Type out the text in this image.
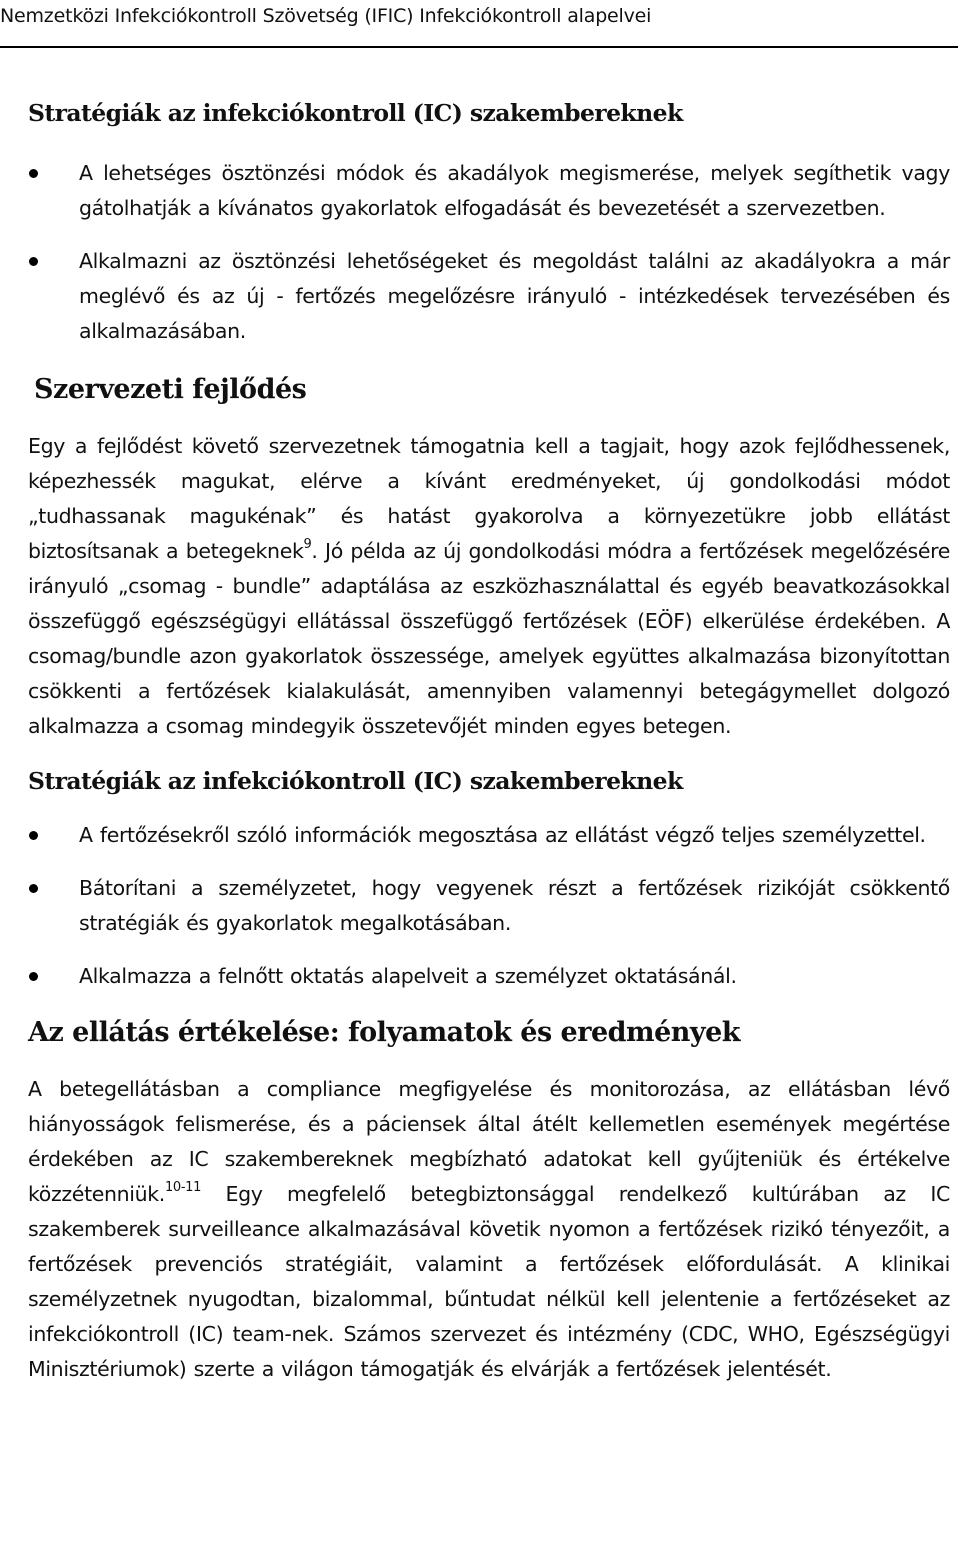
Nemzetközi Infekciókontroll Szövetség (IFIC) Infekciókontroll alapelvei
Stratégiák az infekciókontroll (IC) szakembereknek

A lehetséges ösztönzési módok és akadályok megismerése, melyek segíthetik vagy gátolhatják a kívánatos gyakorlatok elfogadását és bevezetését a szervezetben.

Alkalmazni az ösztönzési lehetőségeket és megoldást találni az akadályokra a már meglévő és az új - fertőzés megelőzésre irányuló - intézkedések tervezésében és alkalmazásában.

Szervezeti fejlődés

Egy a fejlődést követő szervezetnek támogatnia kell a tagjait, hogy azok fejlődhessenek, képezhessék magukat, elérve a kívánt eredményeket, új gondolkodási módot „tudhassanak magukénak” és hatást gyakorolva a környezetükre jobb ellátást biztosítsanak a betegeknek$^9$. Jó példa az új gondolkodási módra a fertőzések megelőzésére irányuló „csomag - bundle” adaptálása az eszközhasználattal és egyéb beavatkozásokkal összefüggő egészségügyi ellátással összefüggő fertőzések (EÖF) elkerülése érdekében. A csomag/bundle azon gyakorlatok összessége, amelyek együttes alkalmazása bizonyítottan csökkenti a fertőzések kialakulását, amennyiben valamennyi betegágymellet dolgozó alkalmazza a csomag mindegyik összetevőjét minden egyes betegen.

Stratégiák az infekciókontroll (IC) szakembereknek

A fertőzésekről szóló információk megosztása az ellátást végző teljes személyzettel.

Bátorítani a személyzetet, hogy vegyenek részt a fertőzések rizikóját csökkentő stratégiák és gyakorlatok megalkotásában.

Alkalmazza a felnőtt oktatás alapelveit a személyzet oktatásánál.

Az ellátás értékelése: folyamatok és eredmények

A betegellátásban a compliance megfigyelése és monitorozása, az ellátásban lévő hiányosságok felismerése, és a páciensek által átélt kellemetlen események megértése érdekében az IC szakembereknek megbízható adatokat kell gyűjteniük és értékelve közzétenniük.$^{10-11}$ Egy megfelelő betegbiztonsággal rendelkező kultúrában az IC szakemberek surveilleance alkalmazásával követik nyomon a fertőzések rizikó tényezőit, a fertőzések prevenciós stratégiáit, valamint a fertőzések előfordulását. A klinikai személyzetnek nyugodtan, bizalommal, bűntudat nélkül kell jelentenie a fertőzéseket az infekciókontroll (IC) team-nek. Számos szervezet és intézmény (CDC, WHO, Egészségügyi Minisztériumok) szerte a világon támogatják és elvárják a fertőzések jelentését.
